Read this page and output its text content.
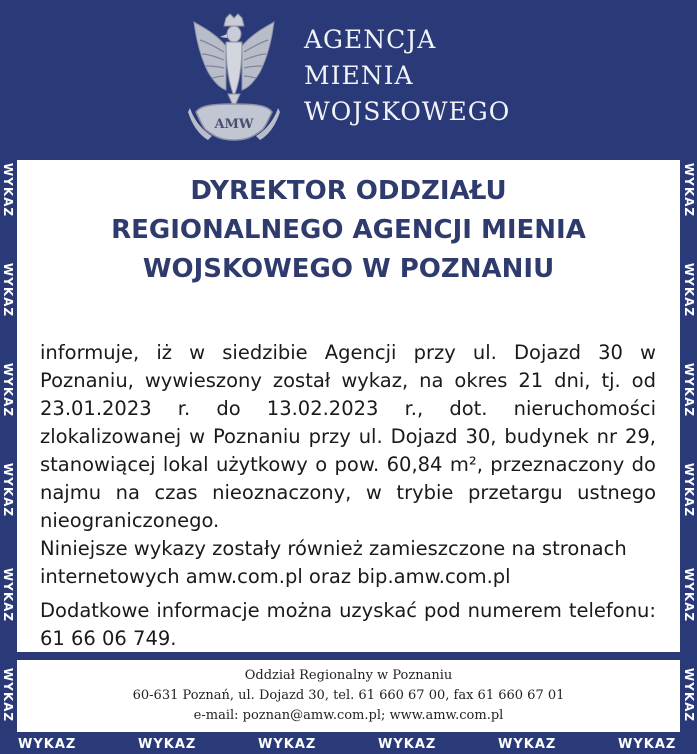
AMW
AGENCJA
MIENIA
WOJSKOWEGO
WYKAZ
WYKAZ
WYKAZ
WYKAZ
WYKAZ
WYKAZ
WYKAZ
WYKAZ
WYKAZ
WYKAZ
WYKAZ
WYKAZ
DYREKTOR ODDZIAŁU
REGIONALNEGO AGENCJI MIENIA
WOJSKOWEGO W POZNANIU

informuje, iż w siedzibie Agencji przy ul. Dojazd 30 w Poznaniu, wywieszony został wykaz, na okres 21 dni, tj. od 23.01.2023 r. do 13.02.2023 r., dot. nieruchomości zlokalizowanej w Poznaniu przy ul. Dojazd 30, budynek nr 29, stanowiącej lokal użytkowy o pow. 60,84 m², przeznaczony do najmu na czas nieoznaczony, w trybie przetargu ustnego nieograniczonego.

Niniejsze wykazy zostały również zamieszczone na stronach internetowych amw.com.pl oraz bip.amw.com.pl

Dodatkowe informacje można uzyskać pod numerem telefonu: 61 66 06 749.

Oddział Regionalny w Poznaniu
60-631 Poznań, ul. Dojazd 30, tel. 61 660 67 00, fax 61 660 67 01
e-mail: poznan@amw.com.pl; www.amw.com.pl
WYKAZ	WYKAZ	WYKAZ	WYKAZ	WYKAZ	WYKAZ
